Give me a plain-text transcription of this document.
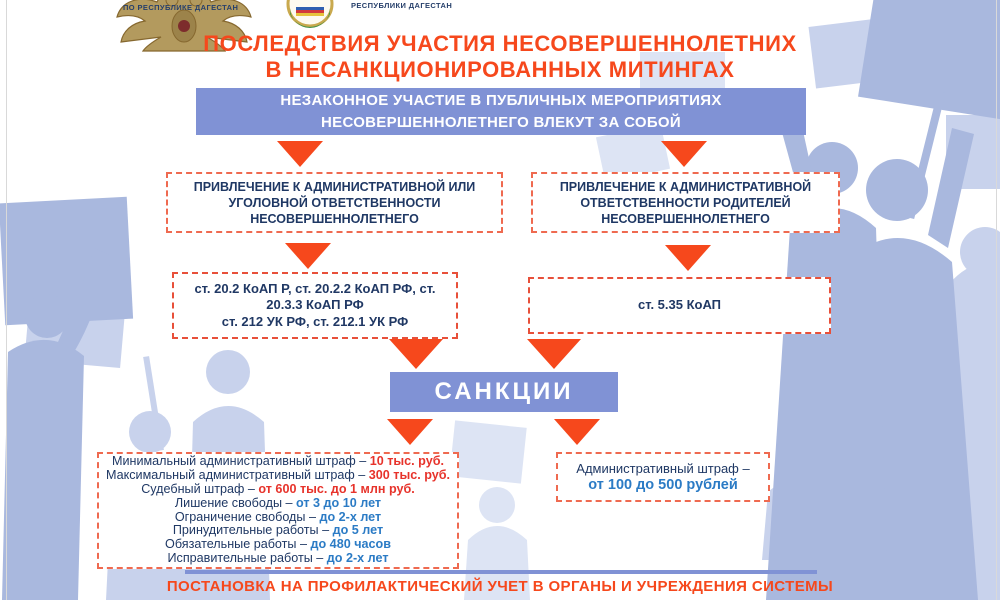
ПО РЕСПУБЛИКЕ ДАГЕСТАН	РЕСПУБЛИКИ ДАГЕСТАН
ПОСЛЕДСТВИЯ УЧАСТИЯ НЕСОВЕРШЕННОЛЕТНИХ
В НЕСАНКЦИОНИРОВАННЫХ МИТИНГАХ
НЕЗАКОННОЕ УЧАСТИЕ В ПУБЛИЧНЫХ МЕРОПРИЯТИЯХ
НЕСОВЕРШЕННОЛЕТНЕГО ВЛЕКУТ ЗА СОБОЙ
ПРИВЛЕЧЕНИЕ К АДМИНИСТРАТИВНОЙ ИЛИ УГОЛОВНОЙ ОТВЕТСТВЕННОСТИ НЕСОВЕРШЕННОЛЕТНЕГО
ПРИВЛЕЧЕНИЕ К АДМИНИСТРАТИВНОЙ ОТВЕТСТВЕННОСТИ РОДИТЕЛЕЙ НЕСОВЕРШЕННОЛЕТНЕГО
ст. 20.2 КоАП Р, ст. 20.2.2 КоАП РФ, ст. 20.3.3 КоАП РФ
ст. 212 УК РФ, ст. 212.1 УК РФ
ст. 5.35 КоАП
САНКЦИИ
Минимальный административный штраф – 10 тыс. руб.
Максимальный административный штраф – 300 тыс. руб.
Судебный штраф – от 600 тыс. до 1 млн руб.
Лишение свободы – от 3 до 10 лет
Ограничение свободы – до 2-х лет
Принудительные работы – до 5 лет
Обязательные работы – до 480 часов
Исправительные работы – до 2-х лет
Административный штраф –
от 100 до 500 рублей
ПОСТАНОВКА НА ПРОФИЛАКТИЧЕСКИЙ УЧЕТ В ОРГАНЫ И УЧРЕЖДЕНИЯ СИСТЕМЫ
